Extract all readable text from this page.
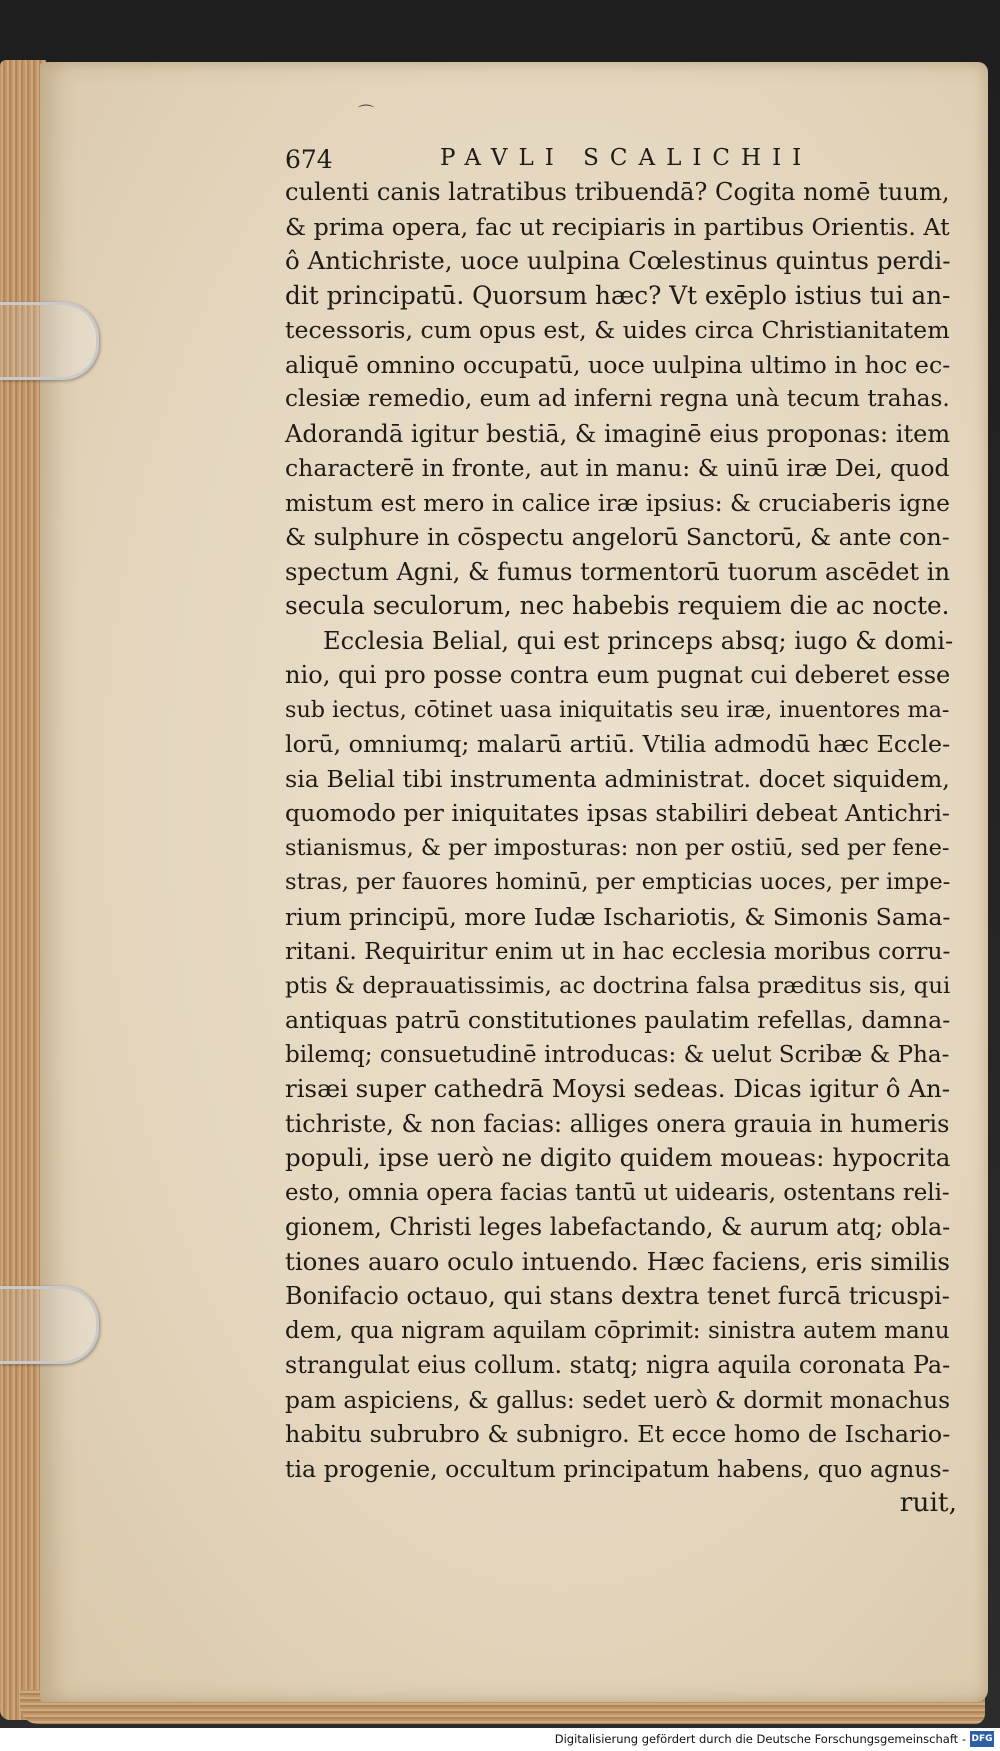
⌒
674	PAVLI SCALICHII
culenti canis latratibus tribuendā? Cogita nomē tuum,
& prima opera, fac ut recipiaris in partibus Orientis. At
ô Antichriste, uoce uulpina Cœlestinus quintus perdi-
dit principatū. Quorsum hæc? Vt exēplo istius tui an-
tecessoris, cum opus est, & uides circa Christianitatem
aliquē omnino occupatū, uoce uulpina ultimo in hoc ec-
clesiæ remedio, eum ad inferni regna unà tecum trahas.
Adorandā igitur bestiā, & imaginē eius proponas: item
characterē in fronte, aut in manu: & uinū iræ Dei, quod
mistum est mero in calice iræ ipsius: & cruciaberis igne
& sulphure in cōspectu angelorū Sanctorū, & ante con-
spectum Agni, & fumus tormentorū tuorum ascēdet in
secula seculorum, nec habebis requiem die ac nocte.
Ecclesia Belial, qui est princeps absq; iugo & domi-
nio, qui pro posse contra eum pugnat cui deberet esse
sub iectus, cōtinet uasa iniquitatis seu iræ, inuentores ma-
lorū, omniumq; malarū artiū. Vtilia admodū hæc Eccle-
sia Belial tibi instrumenta administrat. docet siquidem,
quomodo per iniquitates ipsas stabiliri debeat Antichri-
stianismus, & per imposturas: non per ostiū, sed per fene-
stras, per fauores hominū, per empticias uoces, per impe-
rium principū, more Iudæ Ischariotis, & Simonis Sama-
ritani. Requiritur enim ut in hac ecclesia moribus corru-
ptis & deprauatissimis, ac doctrina falsa præditus sis, qui
antiquas patrū constitutiones paulatim refellas, damna-
bilemq; consuetudinē introducas: & uelut Scribæ & Pha-
risæi super cathedrā Moysi sedeas. Dicas igitur ô An-
tichriste, & non facias: alliges onera grauia in humeris
populi, ipse uerò ne digito quidem moueas: hypocrita
esto, omnia opera facias tantū ut uidearis, ostentans reli-
gionem, Christi leges labefactando, & aurum atq; obla-
tiones auaro oculo intuendo. Hæc faciens, eris similis
Bonifacio octauo, qui stans dextra tenet furcā tricuspi-
dem, qua nigram aquilam cōprimit: sinistra autem manu
strangulat eius collum. statq; nigra aquila coronata Pa-
pam aspiciens, & gallus: sedet uerò & dormit monachus
habitu subrubro & subnigro. Et ecce homo de Ischario-
tia progenie, occultum principatum habens, quo agnus-
ruit,
Digitalisierung gefördert durch die Deutsche Forschungsgemeinschaft - DFG
